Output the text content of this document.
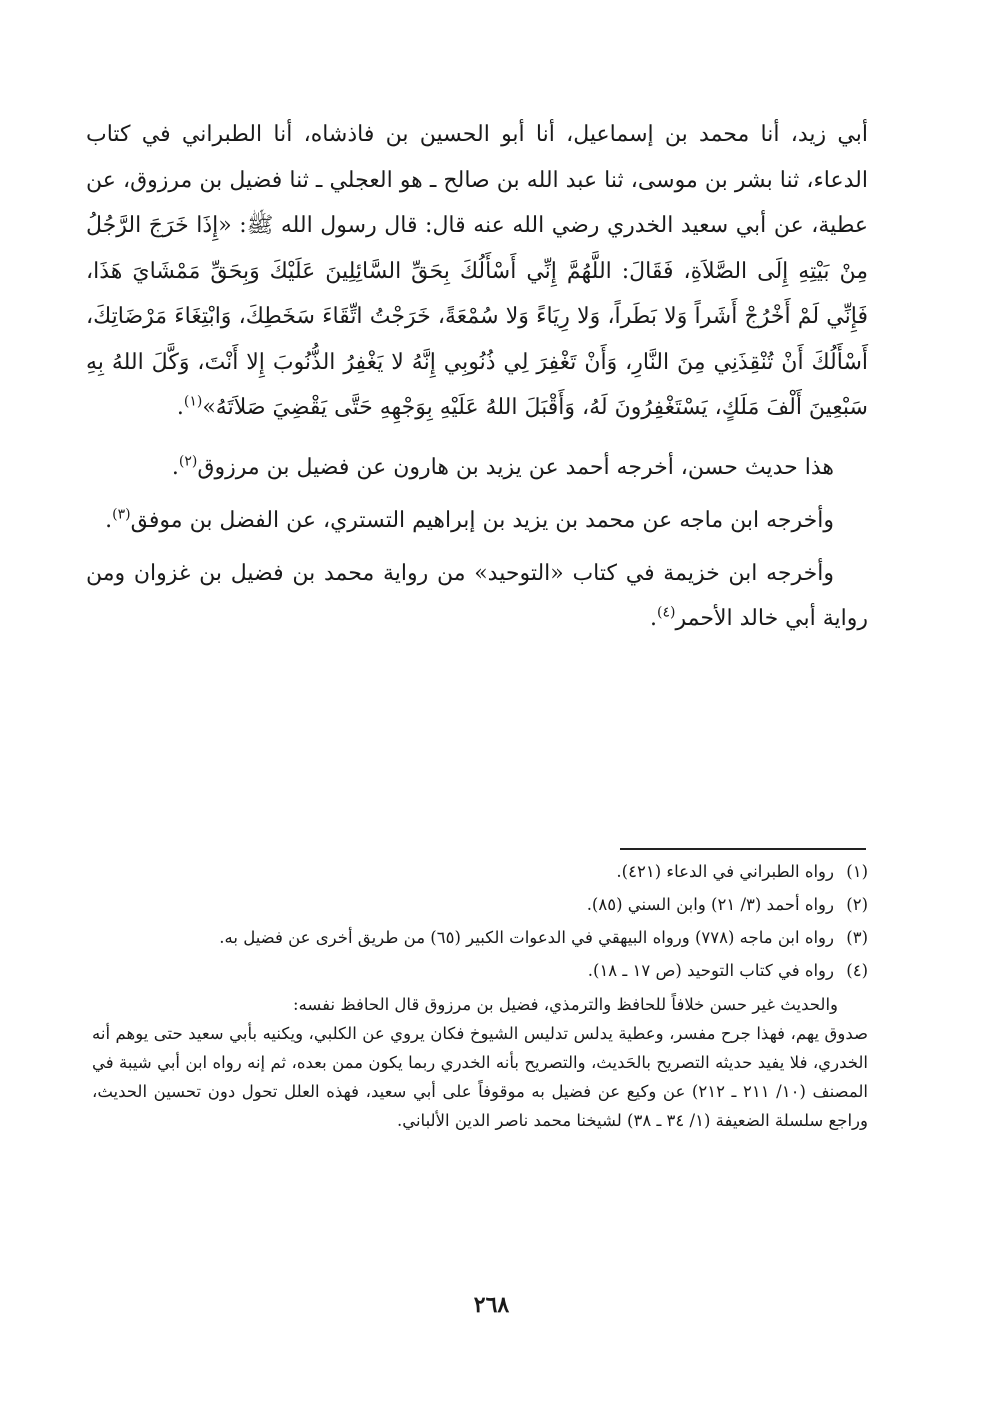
أبي زيد، أنا محمد بن إسماعيل، أنا أبو الحسين بن فاذشاه، أنا الطبراني في كتاب الدعاء، ثنا بشر بن موسى، ثنا عبد الله بن صالح ـ هو العجلي ـ ثنا فضيل بن مرزوق، عن عطية، عن أبي سعيد الخدري رضي الله عنه قال: قال رسول الله ﷺ: «إِذَا خَرَجَ الرَّجُلُ مِنْ بَيْتِهِ إِلَى الصَّلاَةِ، فَقَالَ: اللَّهُمَّ إِنِّي أَسْأَلُكَ بِحَقِّ السَّائِلِينَ عَلَيْكَ وَبِحَقِّ مَمْشَايَ هَذَا، فَإِنِّي لَمْ أَخْرُجْ أَشَراً وَلا بَطَراً، وَلا رِيَاءً وَلا سُمْعَةً، خَرَجْتُ اتِّقَاءَ سَخَطِكَ، وَابْتِغَاءَ مَرْضَاتِكَ، أَسْأَلُكَ أَنْ تُنْقِذَنِي مِنَ النَّارِ، وَأَنْ تَغْفِرَ لِي ذُنُوبِي إِنَّهُ لا يَغْفِرُ الذُّنُوبَ إِلا أَنْتَ، وَكَّلَ اللهُ بِهِ سَبْعِينَ أَلْفَ مَلَكٍ، يَسْتَغْفِرُونَ لَهُ، وَأَقْبَلَ اللهُ عَلَيْهِ بِوَجْهِهِ حَتَّى يَقْضِيَ صَلاَتَهُ»$^{(١)}$.

هذا حديث حسن، أخرجه أحمد عن يزيد بن هارون عن فضيل بن مرزوق$^{(٢)}$.

وأخرجه ابن ماجه عن محمد بن يزيد بن إبراهيم التستري، عن الفضل بن موفق$^{(٣)}$.

وأخرجه ابن خزيمة في كتاب «التوحيد» من رواية محمد بن فضيل بن غزوان ومن رواية أبي خالد الأحمر$^{(٤)}$.

(١)
رواه الطبراني في الدعاء (٤٢١).
(٢)
رواه أحمد (٣/ ٢١) وابن السني (٨٥).
(٣)
رواه ابن ماجه (٧٧٨) ورواه البيهقي في الدعوات الكبير (٦٥) من طريق أخرى عن فضيل به.
(٤)
رواه في كتاب التوحيد (ص ١٧ ـ ١٨).
والحديث غير حسن خلافاً للحافظ والترمذي، فضيل بن مرزوق قال الحافظ نفسه:
صدوق يهم، فهذا جرح مفسر، وعطية يدلس تدليس الشيوخ فكان يروي عن الكلبي، ويكنيه بأبي سعيد حتى يوهم أنه الخدري، فلا يفيد حديثه التصريح بالحَديث، والتصريح بأنه الخدري ربما يكون ممن بعده، ثم إنه رواه ابن أبي شيبة في المصنف (١٠/ ٢١١ ـ ٢١٢) عن وكيع عن فضيل به موقوفاً على أبي سعيد، فهذه العلل تحول دون تحسين الحديث، وراجع سلسلة الضعيفة (١/ ٣٤ ـ ٣٨) لشيخنا محمد ناصر الدين الألباني.
٢٦٨
